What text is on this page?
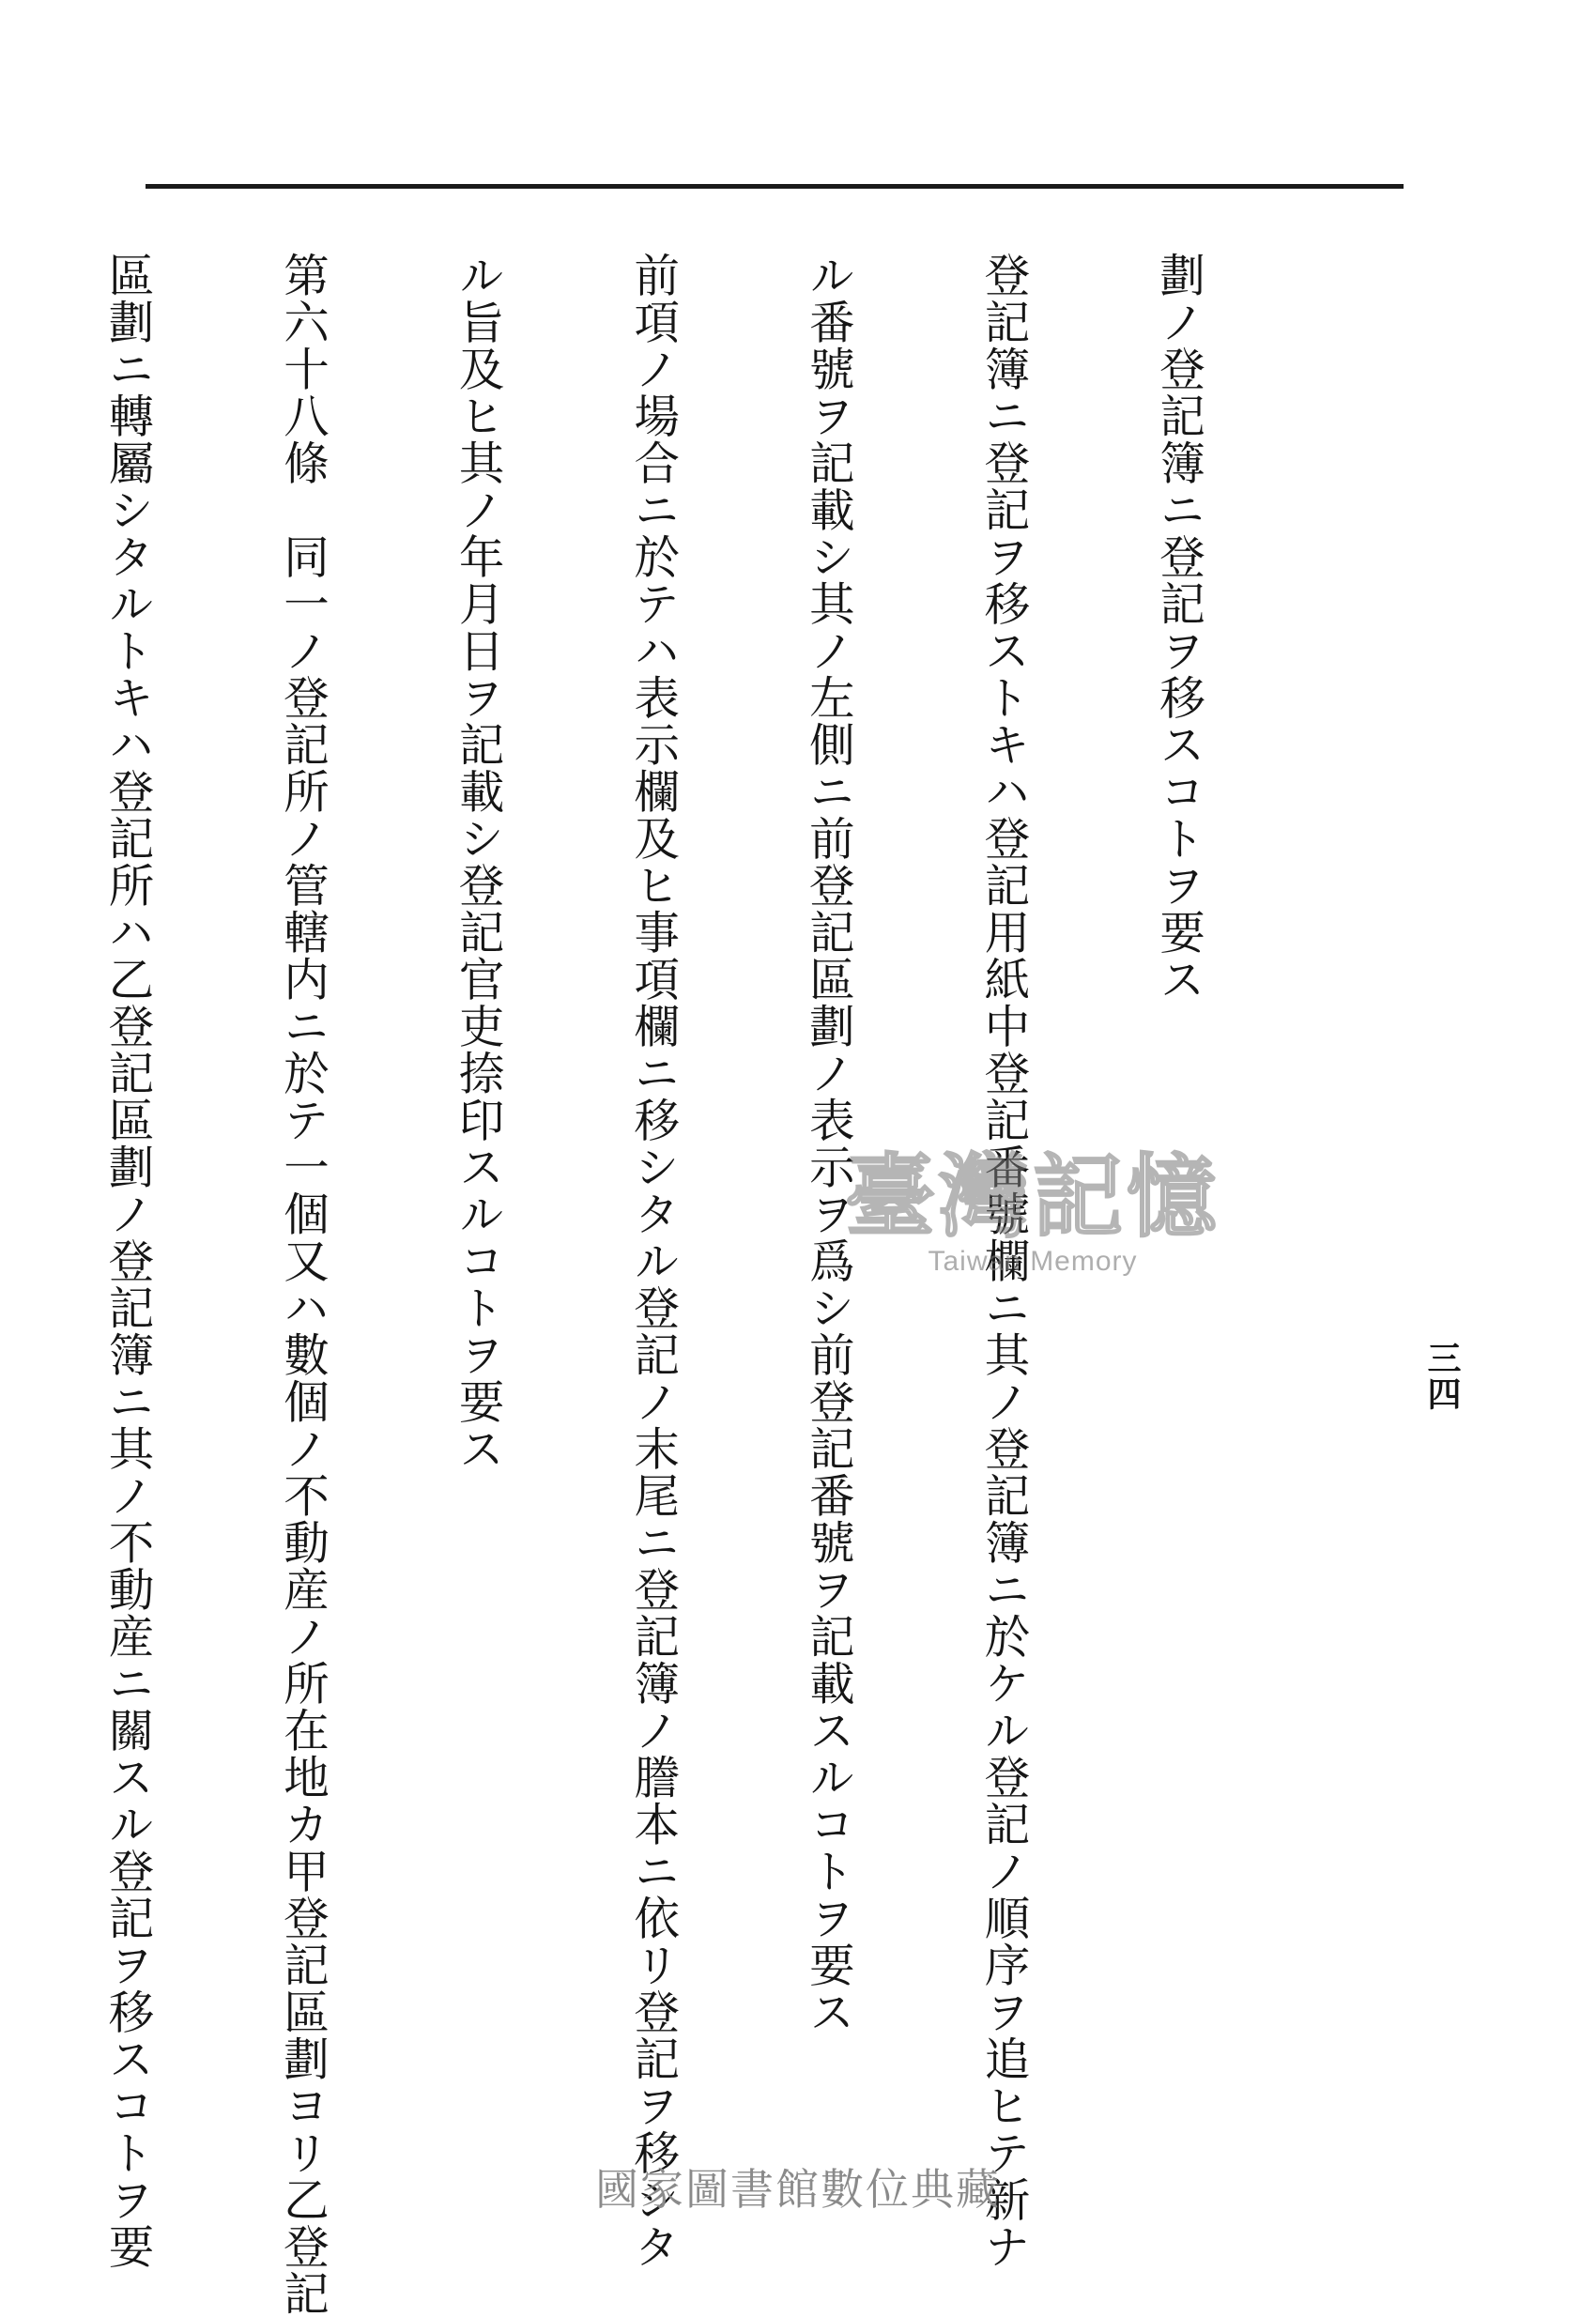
三四

劃ノ登記簿ニ登記ヲ移スコトヲ要ス

登記簿ニ登記ヲ移ストキハ登記用紙中登記番號欄ニ其ノ登記簿ニ於ケル登記ノ順序ヲ追ヒテ新ナ

ル番號ヲ記載シ其ノ左側ニ前登記區劃ノ表示ヲ爲シ前登記番號ヲ記載スルコトヲ要ス

前項ノ場合ニ於テハ表示欄及ヒ事項欄ニ移シタル登記ノ末尾ニ登記簿ノ謄本ニ依リ登記ヲ移シタ

ル旨及ヒ其ノ年月日ヲ記載シ登記官吏捺印スルコトヲ要ス

第六十八條　同一ノ登記所ノ管轄内ニ於テ一個又ハ數個ノ不動産ノ所在地カ甲登記區劃ヨリ乙登記

區劃ニ轉屬シタルトキハ登記所ハ乙登記區劃ノ登記簿ニ其ノ不動産ニ關スル登記ヲ移スコトヲ要

	臺灣記憶
Taiwan Memory
國家圖書館數位典藏
